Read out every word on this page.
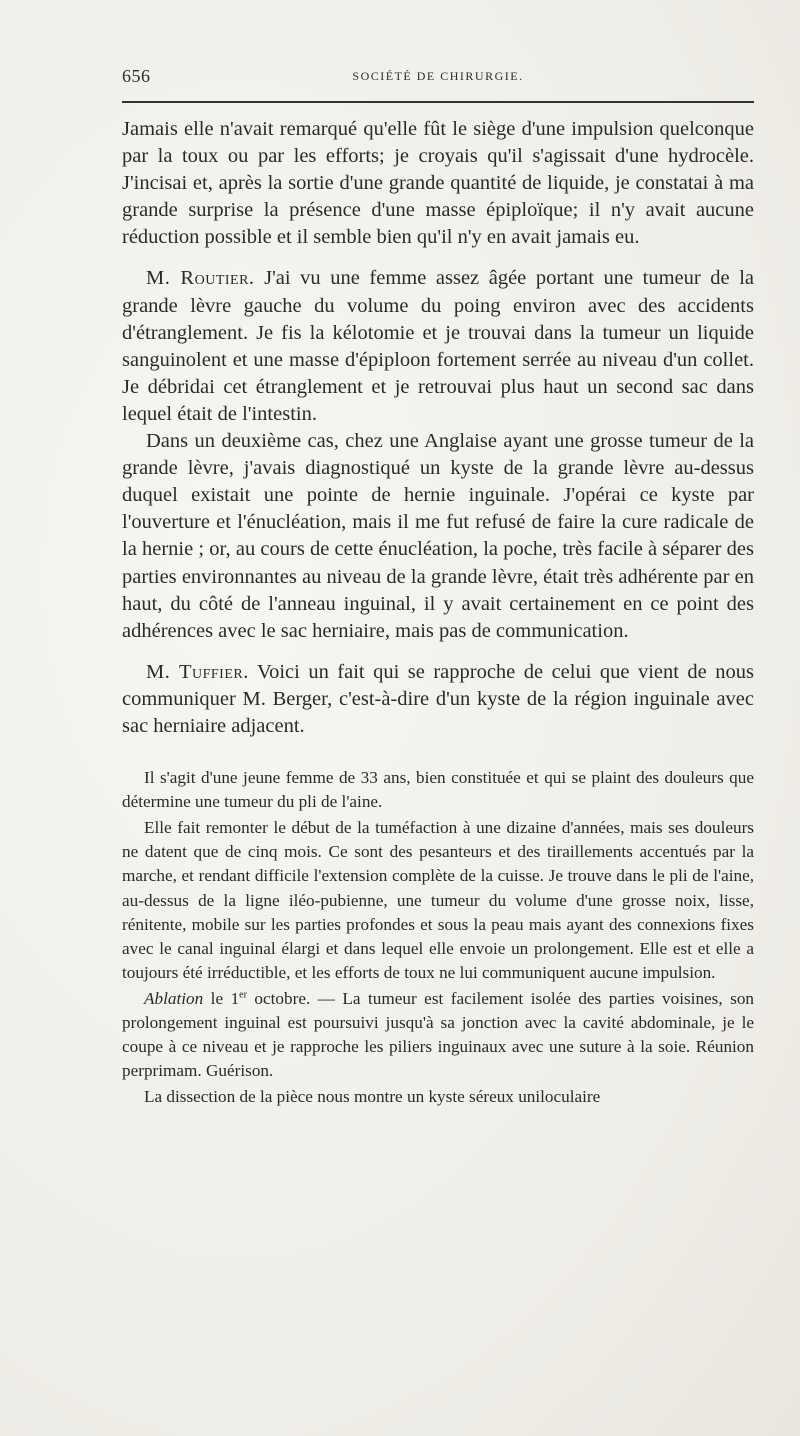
656	SOCIÉTÉ DE CHIRURGIE.

Jamais elle n'avait remarqué qu'elle fût le siège d'une impulsion quelconque par la toux ou par les efforts; je croyais qu'il s'agissait d'une hydrocèle. J'incisai et, après la sortie d'une grande quantité de liquide, je constatai à ma grande surprise la présence d'une masse épiploïque; il n'y avait aucune réduction possible et il semble bien qu'il n'y en avait jamais eu.

M. Routier. J'ai vu une femme assez âgée portant une tumeur de la grande lèvre gauche du volume du poing environ avec des accidents d'étranglement. Je fis la kélotomie et je trouvai dans la tumeur un liquide sanguinolent et une masse d'épiploon fortement serrée au niveau d'un collet. Je débridai cet étranglement et je retrouvai plus haut un second sac dans lequel était de l'intestin.

Dans un deuxième cas, chez une Anglaise ayant une grosse tumeur de la grande lèvre, j'avais diagnostiqué un kyste de la grande lèvre au-dessus duquel existait une pointe de hernie inguinale. J'opérai ce kyste par l'ouverture et l'énucléation, mais il me fut refusé de faire la cure radicale de la hernie ; or, au cours de cette énucléation, la poche, très facile à séparer des parties environnantes au niveau de la grande lèvre, était très adhérente par en haut, du côté de l'anneau inguinal, il y avait certainement en ce point des adhérences avec le sac herniaire, mais pas de communication.

M. Tuffier. Voici un fait qui se rapproche de celui que vient de nous communiquer M. Berger, c'est-à-dire d'un kyste de la région inguinale avec sac herniaire adjacent.

Il s'agit d'une jeune femme de 33 ans, bien constituée et qui se plaint des douleurs que détermine une tumeur du pli de l'aine.

Elle fait remonter le début de la tuméfaction à une dizaine d'années, mais ses douleurs ne datent que de cinq mois. Ce sont des pesanteurs et des tiraillements accentués par la marche, et rendant difficile l'extension complète de la cuisse. Je trouve dans le pli de l'aine, au-dessus de la ligne iléo-pubienne, une tumeur du volume d'une grosse noix, lisse, rénitente, mobile sur les parties profondes et sous la peau mais ayant des connexions fixes avec le canal inguinal élargi et dans lequel elle envoie un prolongement. Elle est et elle a toujours été irréductible, et les efforts de toux ne lui communiquent aucune impulsion.

Ablation le 1er octobre. — La tumeur est facilement isolée des parties voisines, son prolongement inguinal est poursuivi jusqu'à sa jonction avec la cavité abdominale, je le coupe à ce niveau et je rapproche les piliers inguinaux avec une suture à la soie. Réunion perprimam. Guérison.

La dissection de la pièce nous montre un kyste séreux uniloculaire
